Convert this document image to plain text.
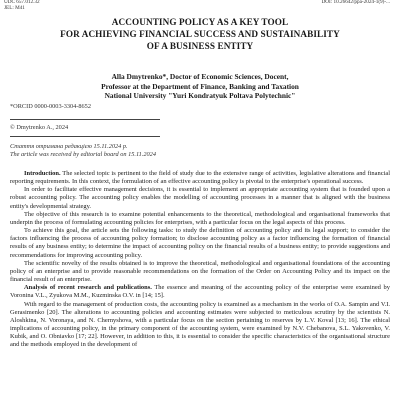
UDC 657.012.32
JEL: M41
DOI: 10.26642/ppa-2024-1(9)-...
ACCOUNTING POLICY AS A KEY TOOL
FOR ACHIEVING FINANCIAL SUCCESS AND SUSTAINABILITY
OF A BUSINESS ENTITY
Alla Dmytrenko*, Doctor of Economic Sciences, Docent,
Professor at the Department of Finance, Banking and Taxation
National University "Yuri Kondratyuk Poltava Polytechnic"
*ORCID 0000-0003-3304-8652
© Dmytrenko A., 2024
Стаття отримана редакцією 15.11.2024 р.
The article was received by editorial board on 15.11.2024

Introduction. The selected topic is pertinent to the field of study due to the extensive range of activities, legislative alterations and financial reporting requirements. In this context, the formulation of an effective accounting policy is pivotal to the enterprise's operational success.

In order to facilitate effective management decisions, it is essential to implement an appropriate accounting system that is founded upon a robust accounting policy. The accounting policy enables the modelling of accounting processes in a manner that is aligned with the business entity's developmental strategy.

The objective of this research is to examine potential enhancements to the theoretical, methodological and organisational frameworks that underpin the process of formulating accounting policies for enterprises, with a particular focus on the legal aspects of this process.

To achieve this goal, the article sets the following tasks: to study the definition of accounting policy and its legal support; to consider the factors influencing the process of accounting policy formation; to disclose accounting policy as a factor influencing the formation of financial results of any business entity; to determine the impact of accounting policy on the financial results of a business entity; to provide suggestions and recommendations for improving accounting policy.

The scientific novelty of the results obtained is to improve the theoretical, methodological and organisational foundations of the accounting policy of an enterprise and to provide reasonable recommendations on the formation of the Order on Accounting Policy and its impact on the financial result of an enterprise.

Analysis of recent research and publications. The essence and meaning of the accounting policy of the enterprise were examined by Voronina V.L., Zyukova M.M., Kuzminska O.V. in [14; 15].

With regard to the management of production costs, the accounting policy is examined as a mechanism in the works of O.A. Sampin and V.I. Gerasimenko [20]. The alterations to accounting policies and accounting estimates were subjected to meticulous scrutiny by the scientists N. Aloshkina, N. Voronaya, and N. Chernyshova, with a particular focus on the section pertaining to reserves by L.V. Koval [13; 16]. The ethical implications of accounting policy, in the primary component of the accounting system, were examined by N.V. Chebanova, S.L. Yakovenko, V. Kubik, and O. Obniavko [17; 22]. However, in addition to this, it is essential to consider the specific characteristics of the organisational structure and the methods employed in the development of
